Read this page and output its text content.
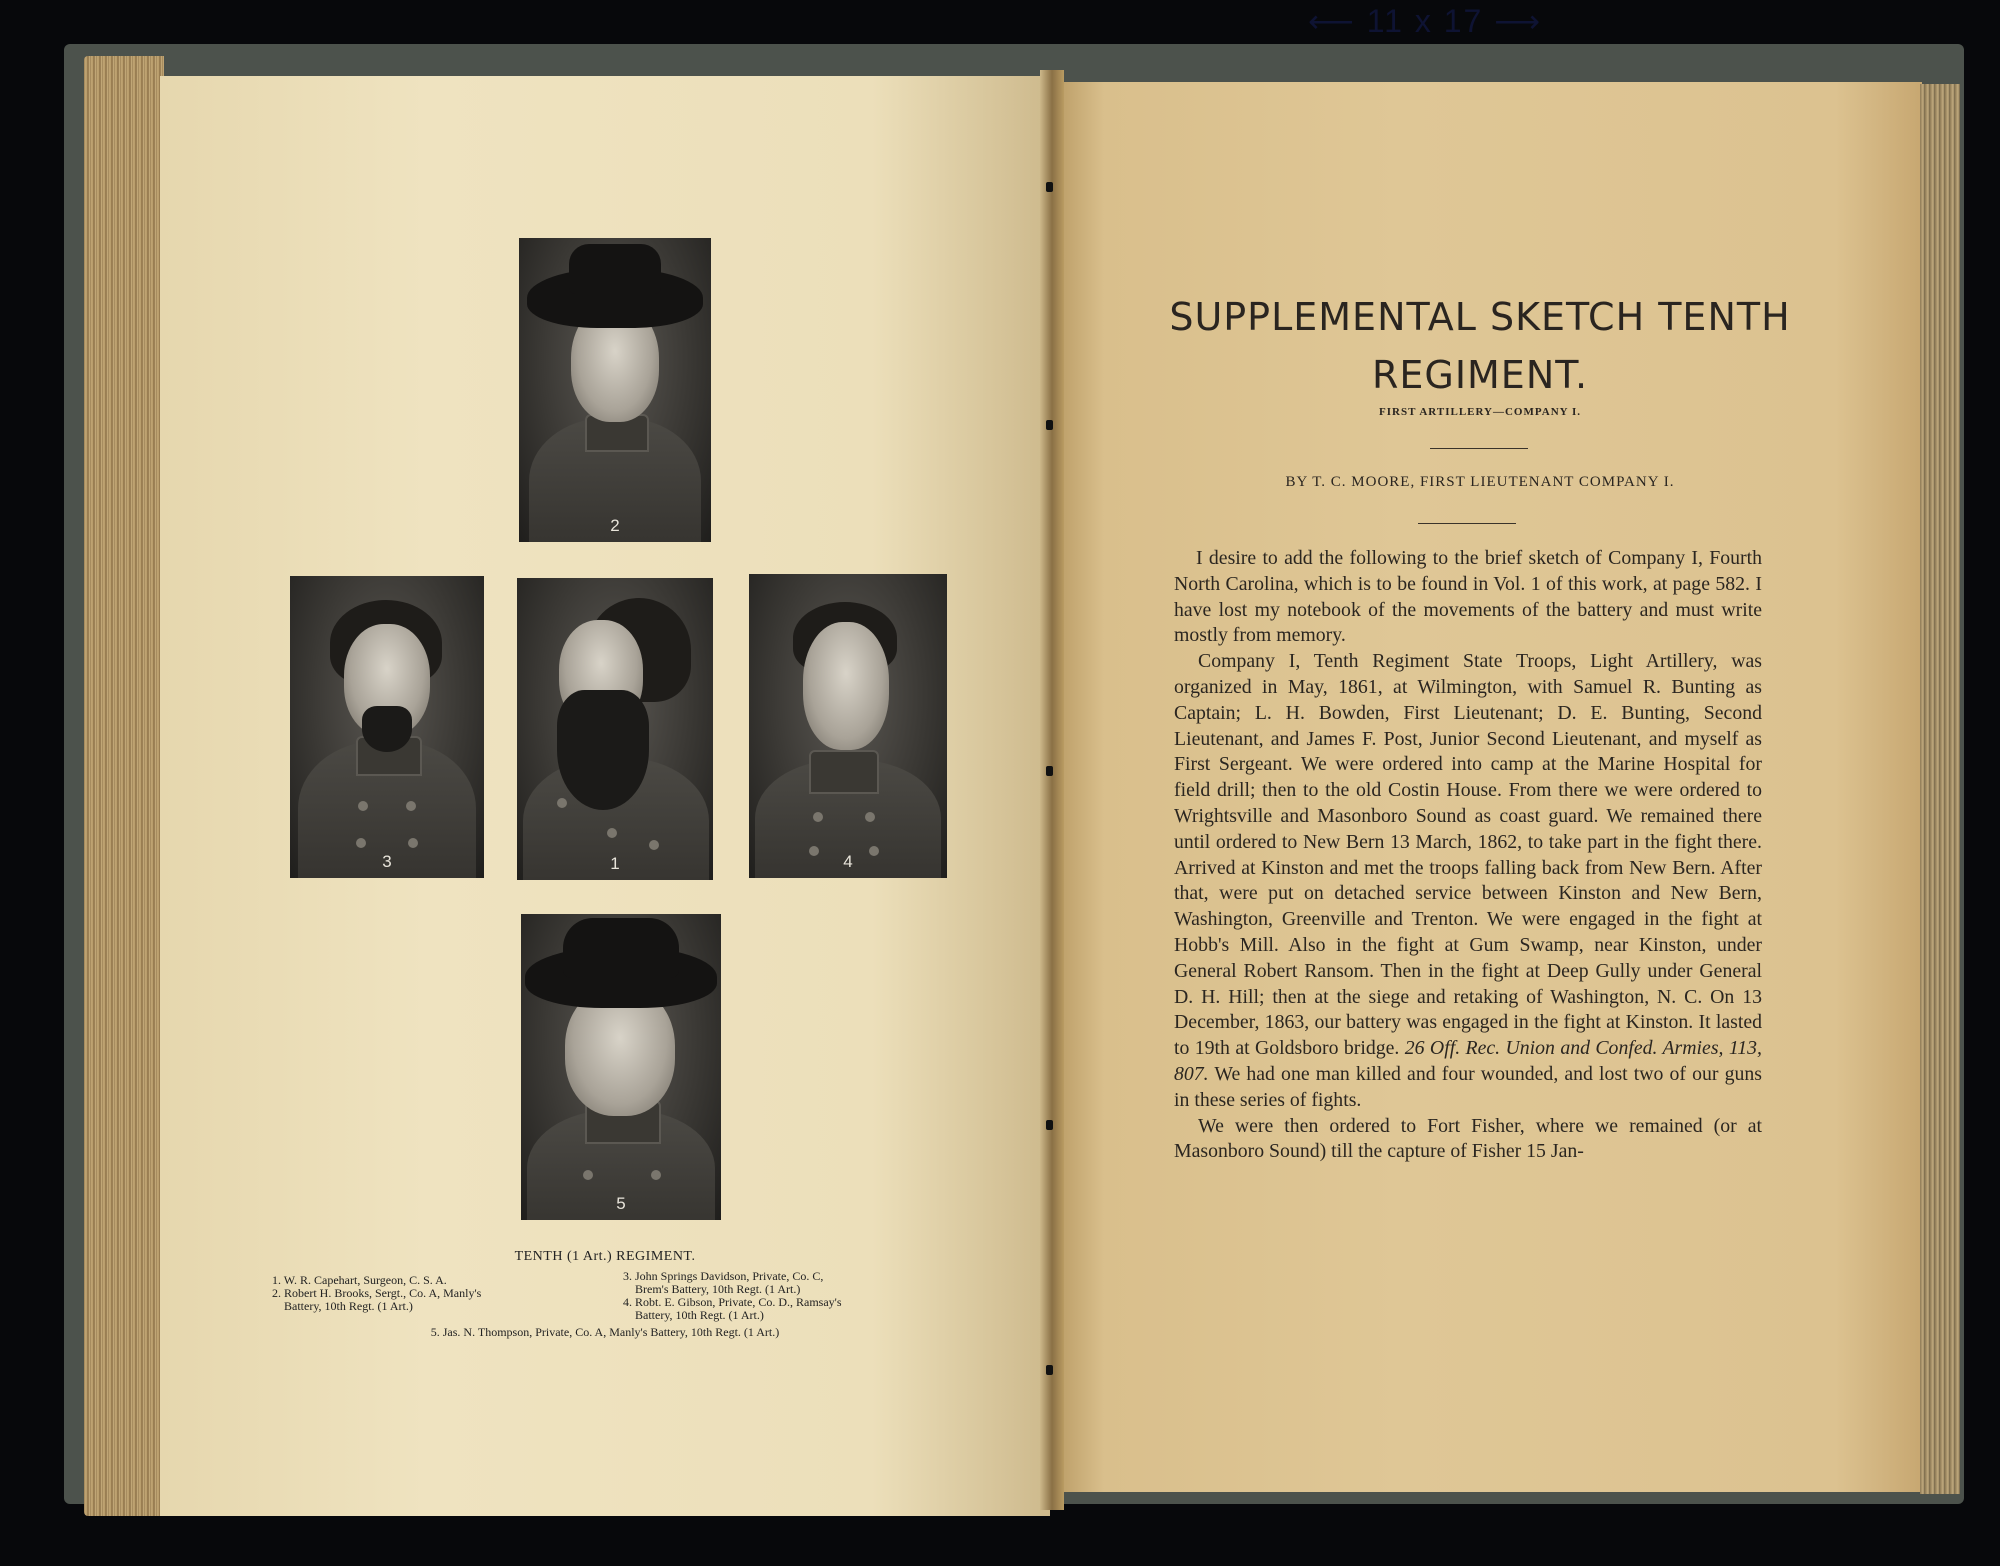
⟵ 11 x 17 ⟶
2
3	1	4
5
TENTH (1 Art.) REGIMENT.
1. W. R. Capehart, Surgeon, C. S. A.
2. Robert H. Brooks, Sergt., Co. A, Manly's
Battery, 10th Regt. (1 Art.)
3. John Springs Davidson, Private, Co. C,
Brem's Battery, 10th Regt. (1 Art.)
4. Robt. E. Gibson, Private, Co. D., Ramsay's
Battery, 10th Regt. (1 Art.)
5. Jas. N. Thompson, Private, Co. A, Manly's Battery, 10th Regt. (1 Art.)
SUPPLEMENTAL SKETCH TENTH REGIMENT.
FIRST ARTILLERY—COMPANY I.
BY T. C. MOORE, FIRST LIEUTENANT COMPANY I.

I desire to add the following to the brief sketch of Company I, Fourth North Carolina, which is to be found in Vol. 1 of this work, at page 582. I have lost my notebook of the movements of the battery and must write mostly from memory.

Company I, Tenth Regiment State Troops, Light Artillery, was organized in May, 1861, at Wilmington, with Samuel R. Bunting as Captain; L. H. Bowden, First Lieutenant; D. E. Bunting, Second Lieutenant, and James F. Post, Junior Second Lieutenant, and myself as First Sergeant. We were ordered into camp at the Marine Hospital for field drill; then to the old Costin House. From there we were ordered to Wrightsville and Masonboro Sound as coast guard. We remained there until ordered to New Bern 13 March, 1862, to take part in the fight there. Arrived at Kinston and met the troops falling back from New Bern. After that, were put on detached service between Kinston and New Bern, Washington, Greenville and Trenton. We were engaged in the fight at Hobb's Mill. Also in the fight at Gum Swamp, near Kinston, under General Robert Ransom. Then in the fight at Deep Gully under General D. H. Hill; then at the siege and retaking of Washington, N. C. On 13 December, 1863, our battery was engaged in the fight at Kinston. It lasted to 19th at Goldsboro bridge. 26 Off. Rec. Union and Confed. Armies, 113, 807. We had one man killed and four wounded, and lost two of our guns in these series of fights.

We were then ordered to Fort Fisher, where we remained (or at Masonboro Sound) till the capture of Fisher 15 Jan-
